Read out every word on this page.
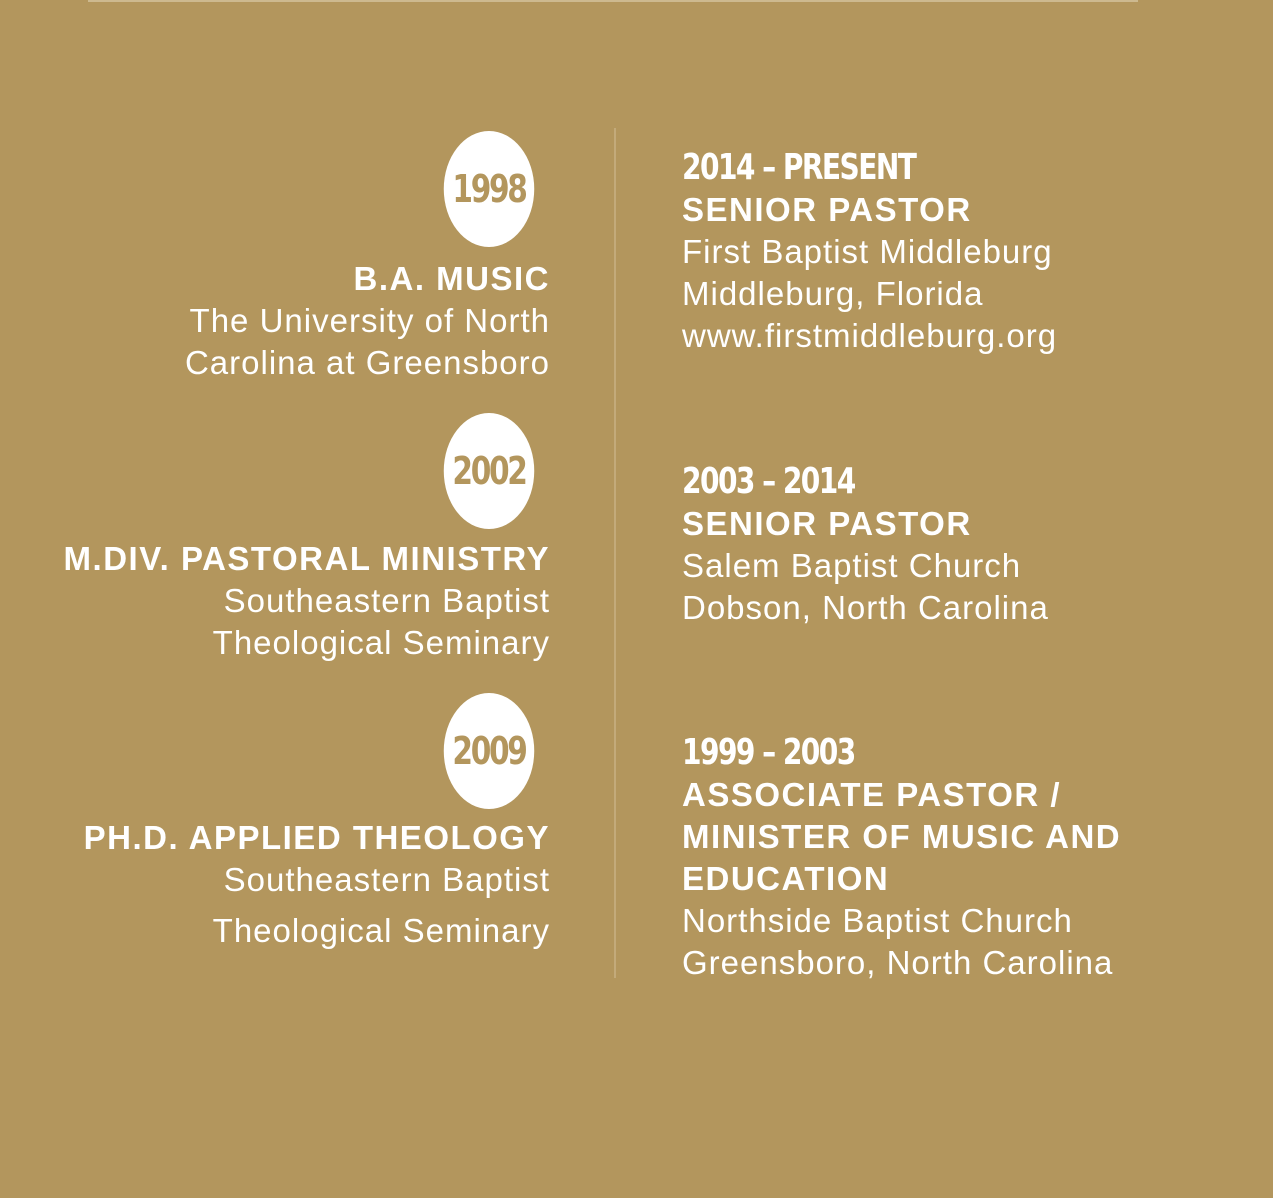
1998
B.A. MUSIC
The University of North
Carolina at Greensboro
2002
M.DIV. PASTORAL MINISTRY
Southeastern Baptist
Theological Seminary
2009
PH.D. APPLIED THEOLOGY
Southeastern Baptist
Theological Seminary
2014 – PRESENT
SENIOR PASTOR
First Baptist Middleburg
Middleburg, Florida
www.firstmiddleburg.org
2003 – 2014
SENIOR PASTOR
Salem Baptist Church
Dobson, North Carolina
1999 – 2003
ASSOCIATE PASTOR /
MINISTER OF MUSIC AND
EDUCATION
Northside Baptist Church
Greensboro, North Carolina
